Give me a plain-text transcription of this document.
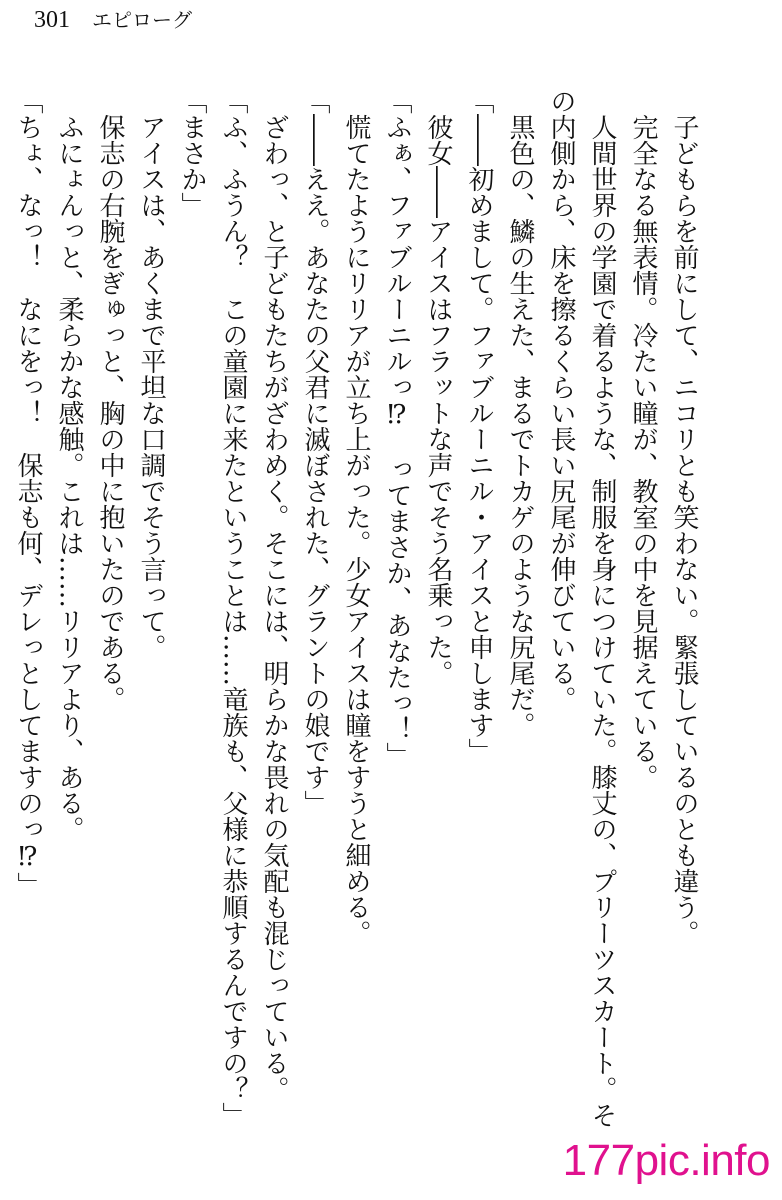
301 エピローグ

子どもらを前にして、ニコリとも笑わない。緊張しているのとも違う。

完全なる無表情。冷たい瞳が、教室の中を見据えている。

人間世界の学園で着るような、制服を身につけていた。膝丈の、プリーツスカート。そ

の内側から、床を擦るくらい長い尻尾が伸びている。

黒色の、鱗の生えた、まるでトカゲのような尻尾だ。

「――初めまして。ファブルーニル・アイスと申します」

彼女――アイスはフラットな声でそう名乗った。

「ふぁ、ファブルーニルっ⁉　ってまさか、あなたっ！」

慌てたようにリリアが立ち上がった。少女アイスは瞳をすうと細める。

「――ええ。あなたの父君に滅ぼされた、グラントの娘です」

ざわっ、と子どもたちがざわめく。そこには、明らかな畏れの気配も混じっている。

「ふ、ふうん？　この童園に来たということは……竜族も、父様に恭順するんですの？」

「まさか」

アイスは、あくまで平坦な口調でそう言って。

保志の右腕をぎゅっと、胸の中に抱いたのである。

ふにょんっと、柔らかな感触。これは……リリアより、ある。

「ちょ、なっ！　なにをっ！　保志も何、デレっとしてますのっ⁉」

177pic.info
